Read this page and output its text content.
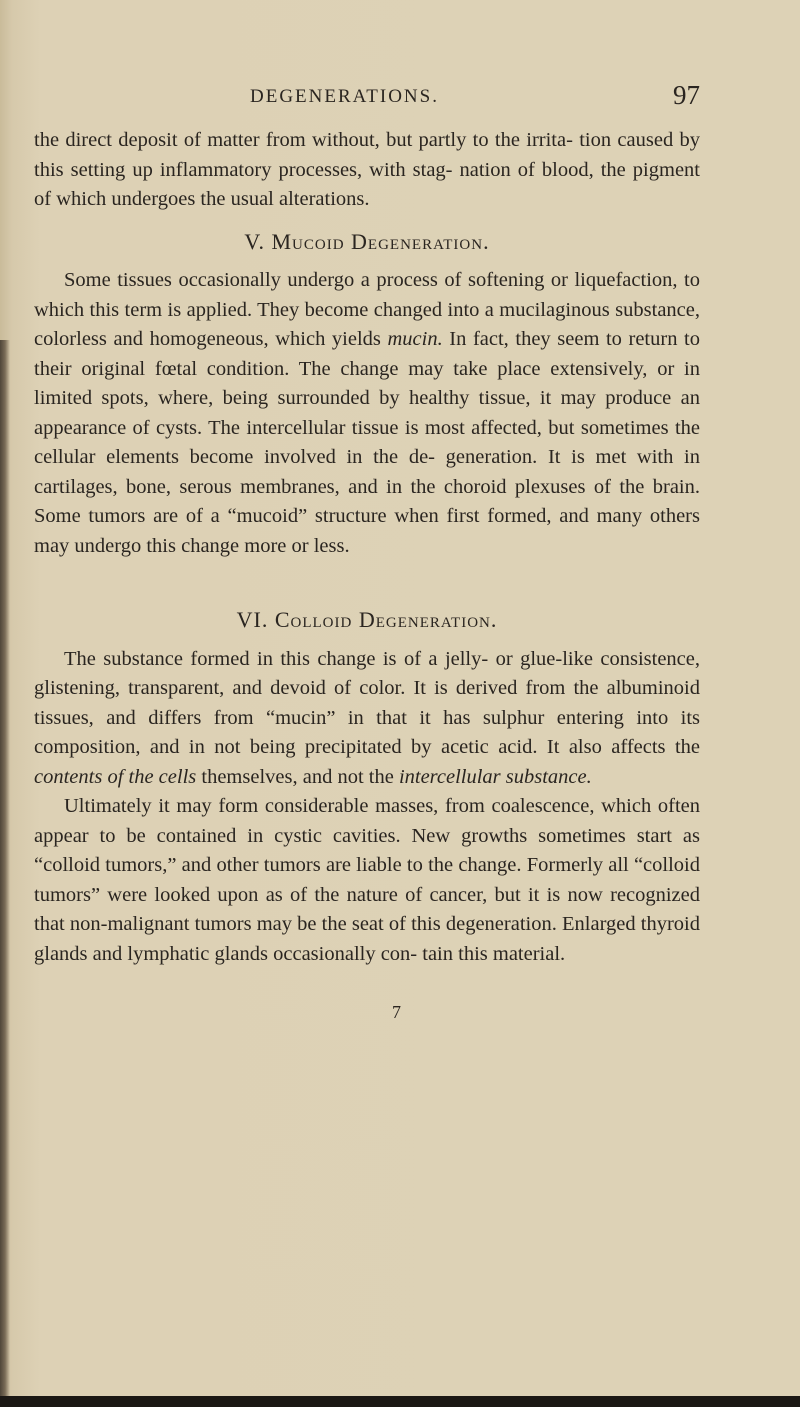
DEGENERATIONS.	97

the direct deposit of matter from without, but partly to the irrita- tion caused by this setting up inflammatory processes, with stag- nation of blood, the pigment of which undergoes the usual alterations.

V. Mucoid Degeneration.

Some tissues occasionally undergo a process of softening or liquefaction, to which this term is applied. They become changed into a mucilaginous substance, colorless and homogeneous, which yields mucin. In fact, they seem to return to their original fœtal condition. The change may take place extensively, or in limited spots, where, being surrounded by healthy tissue, it may produce an appearance of cysts. The intercellular tissue is most affected, but sometimes the cellular elements become involved in the de- generation. It is met with in cartilages, bone, serous membranes, and in the choroid plexuses of the brain. Some tumors are of a “mucoid” structure when first formed, and many others may undergo this change more or less.

VI. Colloid Degeneration.

The substance formed in this change is of a jelly- or glue-like consistence, glistening, transparent, and devoid of color. It is derived from the albuminoid tissues, and differs from “mucin” in that it has sulphur entering into its composition, and in not being precipitated by acetic acid. It also affects the contents of the cells themselves, and not the intercellular substance.

Ultimately it may form considerable masses, from coalescence, which often appear to be contained in cystic cavities. New growths sometimes start as “colloid tumors,” and other tumors are liable to the change. Formerly all “colloid tumors” were looked upon as of the nature of cancer, but it is now recognized that non-malignant tumors may be the seat of this degeneration. Enlarged thyroid glands and lymphatic glands occasionally con- tain this material.

7
